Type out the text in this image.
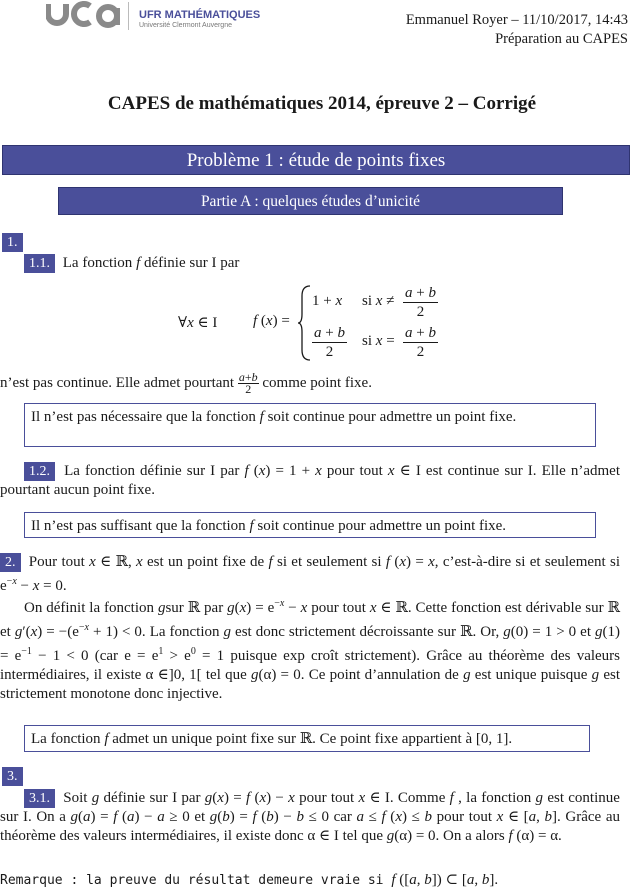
UFR MATHÉMATIQUES
Université Clermont Auvergne	Emmanuel Royer – 11/10/2017, 14:43
Préparation au CAPES
CAPES de mathématiques 2014, épreuve 2 – Corrigé
Problème 1 : étude de points fixes
Partie A : quelques études d’unicité
1.
1.1. La fonction f définie sur I par
∀x ∈ I f (x) =
1 + x si $x \ne \frac{a + b}{2}$
$\frac{a + b}{2}$ si $x = \frac{a + b}{2}$
n’est pas continue. Elle admet pourtant $\frac{a+b}{2}$ comme point fixe.
Il n’est pas nécessaire que la fonction f soit continue pour admettre un point fixe.
1.2. La fonction définie sur I par f (x) = 1 + x pour tout x ∈ I est continue sur I. Elle n’admet pourtant aucun point fixe.
Il n’est pas suffisant que la fonction f soit continue pour admettre un point fixe.
2. Pour tout x ∈ ℝ, x est un point fixe de f si et seulement si f (x) = x, c’est-à-dire si et seulement si $e^{-x} - x = 0$.
On définit la fonction gsur ℝ par $g(x) = e^{-x} - x$ pour tout x ∈ ℝ. Cette fonction est dérivable sur ℝ et $g'(x) = -(e^{-x} + 1) < 0$. La fonction g est donc strictement décroissante sur ℝ. Or, g(0) = 1 > 0 et $g(1) = e^{-1} - 1 < 0$ (car $e = e^1 > e^0 = 1$ puisque exp croît strictement). Grâce au théorème des valeurs intermédiaires, il existe α ∈]0, 1[ tel que g(α) = 0. Ce point d’annulation de g est unique puisque g est strictement monotone donc injective.
La fonction f admet un unique point fixe sur ℝ. Ce point fixe appartient à [0, 1].
3.
3.1. Soit g définie sur I par g(x) = f (x) − x pour tout x ∈ I. Comme f , la fonction g est continue sur I. On a g(a) = f (a) − a ≥ 0 et g(b) = f (b) − b ≤ 0 car a ≤ f (x) ≤ b pour tout x ∈ [a, b]. Grâce au théorème des valeurs intermédiaires, il existe donc α ∈ I tel que g(α) = 0. On a alors f (α) = α.
Remarque : la preuve du résultat demeure vraie si f ([a, b]) ⊂ [a, b].
